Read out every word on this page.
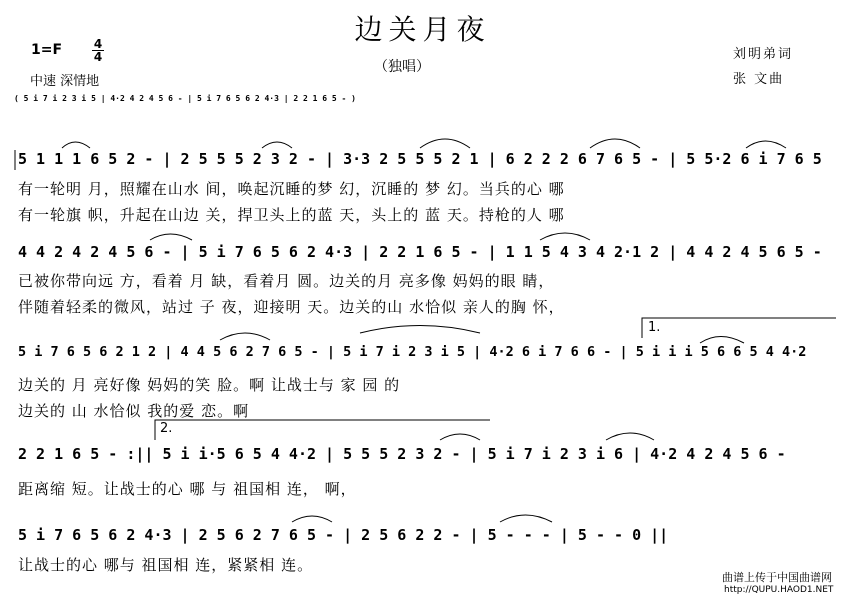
边关月夜
（独唱）
1=F	4
4
中速 深情地
刘明弟词
张 文曲
( 5 i 7 i 2 3 i 5 | 4·2 4 2 4 5 6 - | 5 i 7 6 5 6 2 4·3 | 2 2 1 6 5 - )
5 1 1 1 6 5 2 - | 2 5 5 5 2 3 2 - | 3·3 2 5 5 5 2 1 | 6 2 2 2 6 7 6 5 - | 5 5·2 6 i 7 6 5
有一轮明 月，照耀在山水 间，唤起沉睡的梦 幻，沉睡的 梦 幻。当兵的心 哪
有一轮旗 帜，升起在山边 关，捍卫头上的蓝 天，头上的 蓝 天。持枪的人 哪
4 4 2 4 2 4 5 6 - | 5 i 7 6 5 6 2 4·3 | 2 2 1 6 5 - | 1 1 5 4 3 4 2·1 2 | 4 4 2 4 5 6 5 -
已被你带向远 方，看着 月 缺，看着月 圆。边关的月 亮多像 妈妈的眼 睛，
伴随着轻柔的微风，站过 子 夜，迎接明 天。边关的山 水恰似 亲人的胸 怀，
1.
5 i 7 6 5 6 2 1 2 | 4 4 5 6 2 7 6 5 - | 5 i 7 i 2 3 i 5 | 4·2 6 i 7 6 6 - | 5 i i i 5 6 6 5 4 4·2
边关的 月 亮好像 妈妈的笑 脸。啊 让战士与 家 园 的
边关的 山 水恰似 我的爱 恋。啊
2.
2 2 1 6 5 - :|| 5 i i·5 6 5 4 4·2 | 5 5 5 2 3 2 - | 5 i 7 i 2 3 i 6 | 4·2 4 2 4 5 6 -
距离缩 短。让战士的心 哪 与 祖国相 连， 啊，
5 i 7 6 5 6 2 4·3 | 2 5 6 2 7 6 5 - | 2 5 6 2 2 - | 5 - - - | 5 - - 0 ||
让战士的心 哪与 祖国相 连，紧紧相 连。
曲谱上传于中国曲谱网
http://QUPU.HAOD1.NET
